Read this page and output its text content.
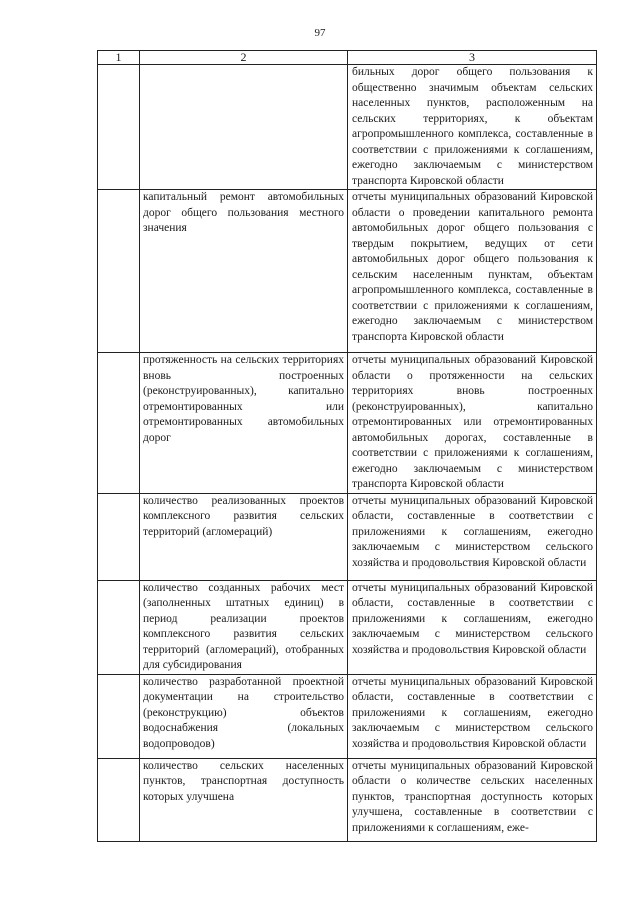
97
1	2	3

		бильных дорог общего пользования к общественно значимым объектам сельских населенных пунктов, расположенным на сельских территориях, к объектам агропромышленного комплекса, составленные в соответствии с приложениями к соглашениям, ежегодно заключаемым с министерством транспорта Кировской области

	капитальный ремонт автомобильных дорог общего пользования местного значения	отчеты муниципальных образований Кировской области о проведении капитального ремонта автомобильных дорог общего пользования с твердым покрытием, ведущих от сети автомобильных дорог общего пользования к сельским населенным пунктам, объектам агропромышленного комплекса, составленные в соответствии с приложениями к соглашениям, ежегодно заключаемым с министерством транспорта Кировской области

	протяженность на сельских территориях вновь построенных (реконструированных), капитально отремонтированных или отремонтированных автомобильных дорог	отчеты муниципальных образований Кировской области о протяженности на сельских территориях вновь построенных (реконструированных), капитально отремонтированных или отремонтированных автомобильных дорогах, составленные в соответствии с приложениями к соглашениям, ежегодно заключаемым с министерством транспорта Кировской области

	количество реализованных проектов комплексного развития сельских территорий (агломераций)	отчеты муниципальных образований Кировской области, составленные в соответствии с приложениями к соглашениям, ежегодно заключаемым с министерством сельского хозяйства и продовольствия Кировской области

	количество созданных рабочих мест (заполненных штатных единиц) в период реализации проектов комплексного развития сельских территорий (агломераций), отобранных для субсидирования	отчеты муниципальных образований Кировской области, составленные в соответствии с приложениями к соглашениям, ежегодно заключаемым с министерством сельского хозяйства и продовольствия Кировской области

	количество разработанной проектной документации на строительство (реконструкцию) объектов водоснабжения (локальных водопроводов)	отчеты муниципальных образований Кировской области, составленные в соответствии с приложениями к соглашениям, ежегодно заключаемым с министерством сельского хозяйства и продовольствия Кировской области

	количество сельских населенных пунктов, транспортная доступность которых улучшена	отчеты муниципальных образований Кировской области о количестве сельских населенных пунктов, транспортная доступность которых улучшена, составленные в соответствии с приложениями к соглашениям, еже-
